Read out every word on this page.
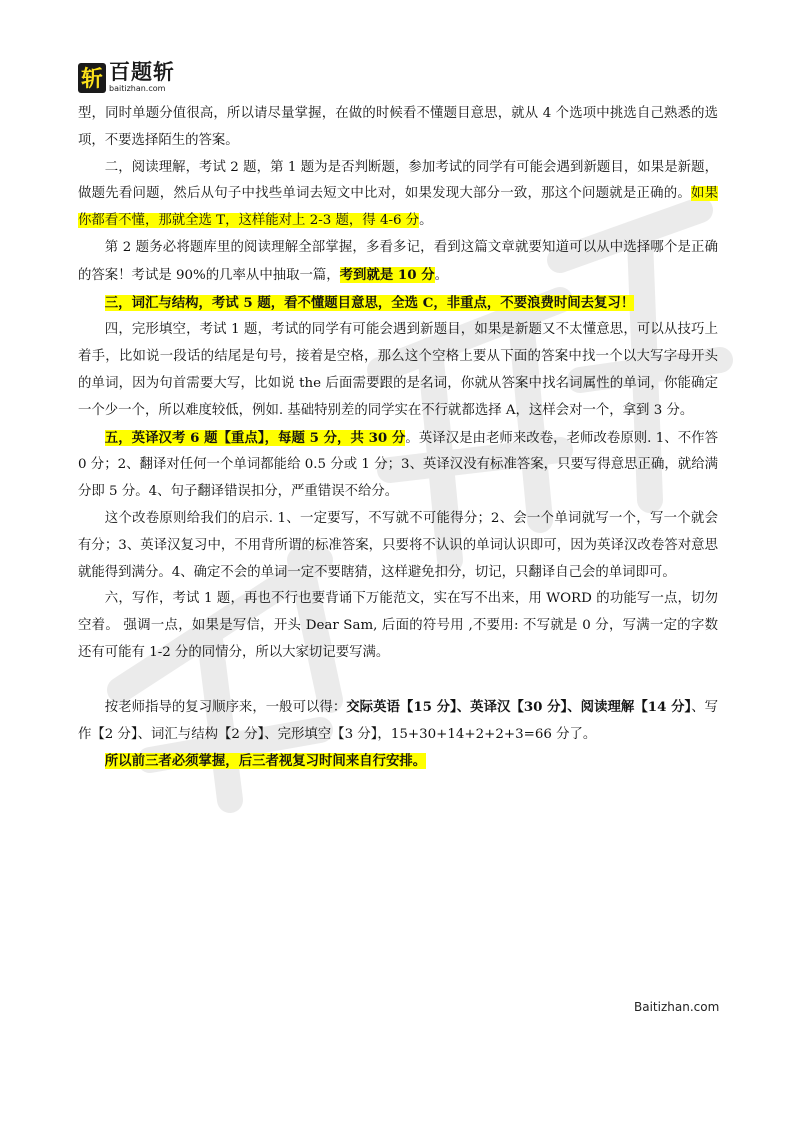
斩 百题斩
baitizhan.com

型，同时单题分值很高，所以请尽量掌握，在做的时候看不懂题目意思，就从 4 个选项中挑选自己熟悉的选项，不要选择陌生的答案。

二，阅读理解，考试 2 题，第 1 题为是否判断题，参加考试的同学有可能会遇到新题目，如果是新题，做题先看问题，然后从句子中找些单词去短文中比对，如果发现大部分一致，那这个问题就是正确的。如果你都看不懂，那就全选 T，这样能对上 2-3 题，得 4-6 分。

第 2 题务必将题库里的阅读理解全部掌握，多看多记，看到这篇文章就要知道可以从中选择哪个是正确的答案！考试是 90%的几率从中抽取一篇，考到就是 10 分。

三，词汇与结构，考试 5 题，看不懂题目意思，全选 C，非重点，不要浪费时间去复习！

四，完形填空，考试 1 题，考试的同学有可能会遇到新题目，如果是新题又不太懂意思，可以从技巧上着手，比如说一段话的结尾是句号，接着是空格，那么这个空格上要从下面的答案中找一个以大写字母开头的单词，因为句首需要大写，比如说 the 后面需要跟的是名词，你就从答案中找名词属性的单词，你能确定一个少一个，所以难度较低，例如. 基础特别差的同学实在不行就都选择 A，这样会对一个，拿到 3 分。

五，英译汉考 6 题【重点】，每题 5 分，共 30 分。英译汉是由老师来改卷，老师改卷原则. 1、不作答 0 分；2、翻译对任何一个单词都能给 0.5 分或 1 分；3、英译汉没有标准答案，只要写得意思正确，就给满分即 5 分。4、句子翻译错误扣分，严重错误不给分。

这个改卷原则给我们的启示. 1、一定要写，不写就不可能得分；2、会一个单词就写一个，写一个就会有分；3、英译汉复习中，不用背所谓的标准答案，只要将不认识的单词认识即可，因为英译汉改卷答对意思就能得到满分。4、确定不会的单词一定不要瞎猜，这样避免扣分，切记，只翻译自己会的单词即可。

六，写作，考试 1 题，再也不行也要背诵下万能范文，实在写不出来，用 WORD 的功能写一点，切勿空着。 强调一点，如果是写信，开头 Dear Sam, 后面的符号用 ,不要用: 不写就是 0 分，写满一定的字数还有可能有 1-2 分的同情分，所以大家切记要写满。

按老师指导的复习顺序来，一般可以得：交际英语【15 分】、英译汉【30 分】、阅读理解【14 分】、写作【2 分】、词汇与结构【2 分】、完形填空【3 分】，15+30+14+2+2+3=66 分了。

所以前三者必须掌握，后三者视复习时间来自行安排。

Baitizhan.com
